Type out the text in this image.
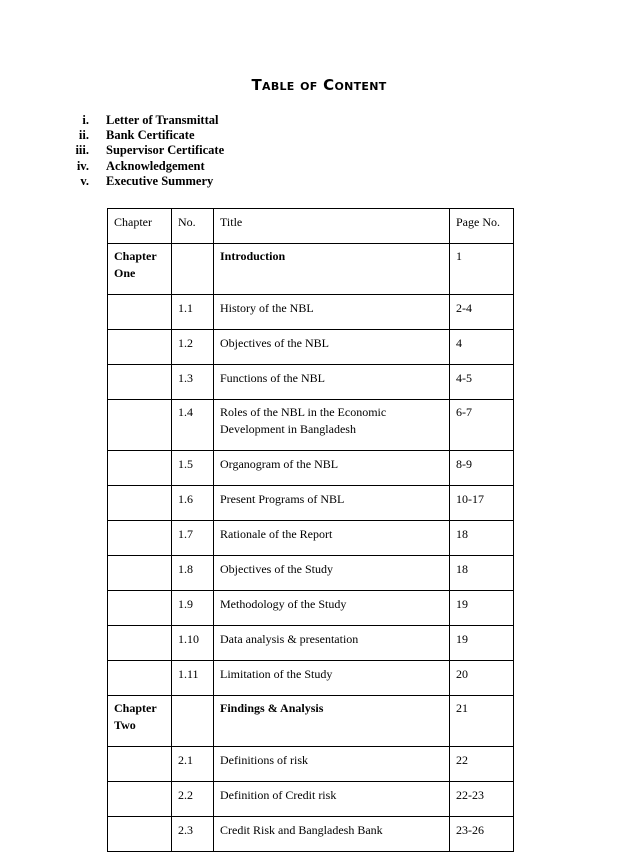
Table of Content
i.	Letter of Transmittal
ii.	Bank Certificate
iii.	Supervisor Certificate
iv.	Acknowledgement
v.	Executive Summery
Chapter	No.	Title	Page No.
Chapter One		Introduction	1
	1.1	History of the NBL	2-4
	1.2	Objectives of the NBL	4
	1.3	Functions of the NBL	4-5
	1.4	Roles of the NBL in the Economic Development in Bangladesh	6-7
	1.5	Organogram of the NBL	8-9
	1.6	Present Programs of NBL	10-17
	1.7	Rationale of the Report	18
	1.8	Objectives of the Study	18
	1.9	Methodology of the Study	19
	1.10	Data analysis & presentation	19
	1.11	Limitation of the Study	20
Chapter Two		Findings & Analysis	21
	2.1	Definitions of risk	22
	2.2	Definition of Credit risk	22-23
	2.3	Credit Risk and Bangladesh Bank	23-26
